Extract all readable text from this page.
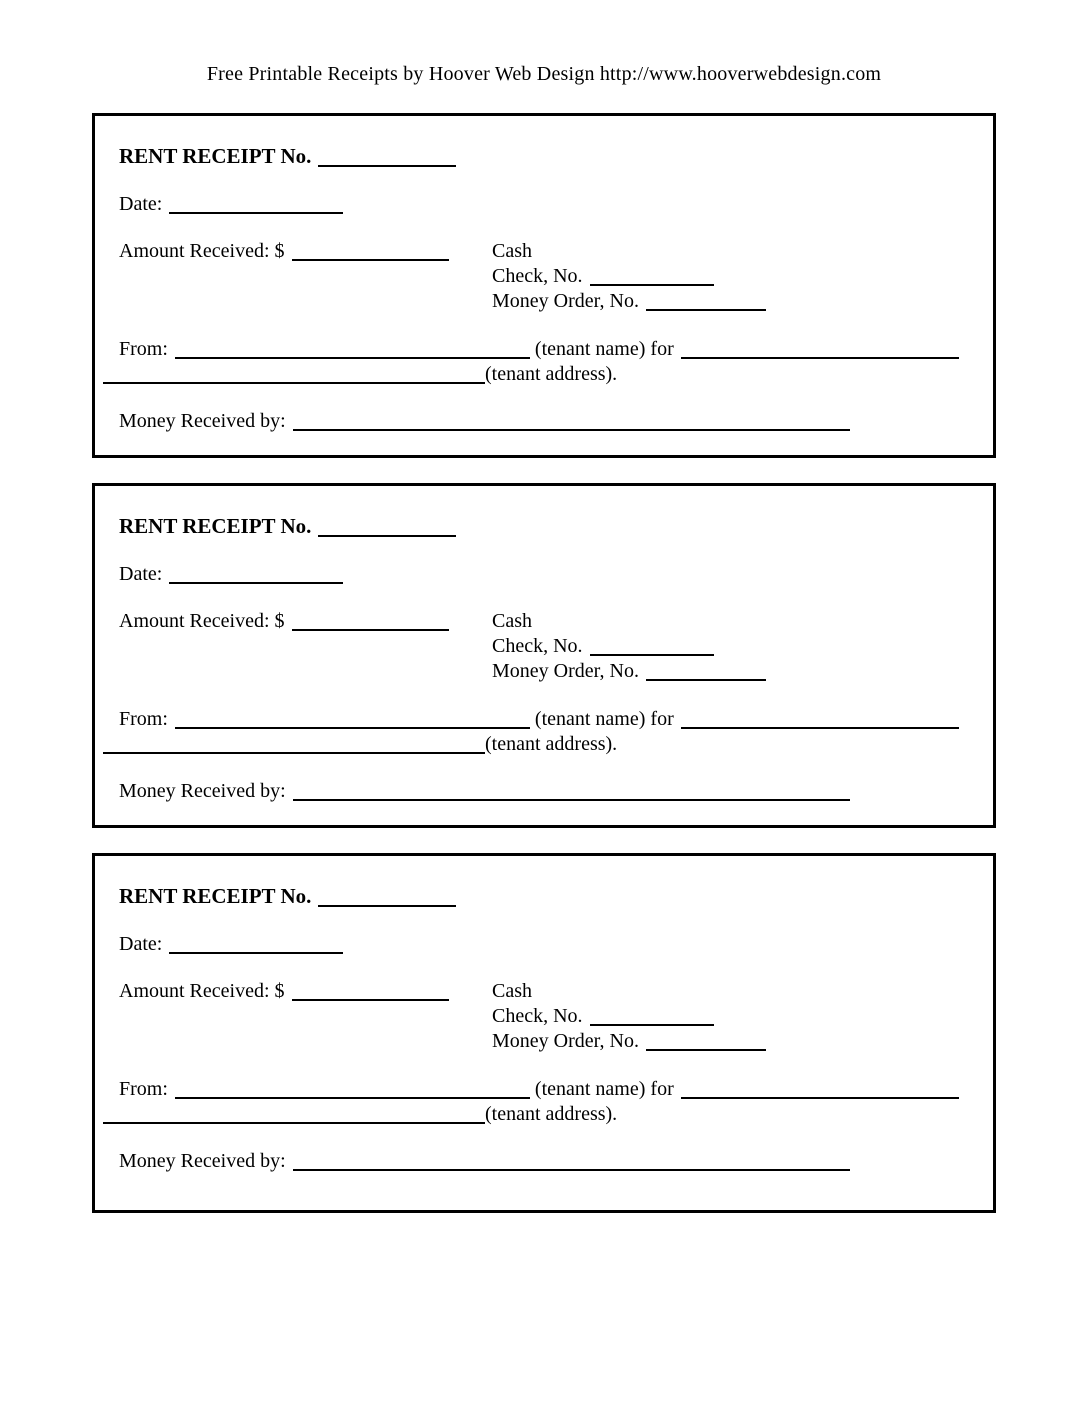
Free Printable Receipts by Hoover Web Design http://www.hooverwebdesign.com
RENT RECEIPT No.
Date:
Amount Received: $	Cash
Check, No.
Money Order, No.
From:	(tenant name) for
(tenant address).
Money Received by:
RENT RECEIPT No.
Date:
Amount Received: $	Cash
Check, No.
Money Order, No.
From:	(tenant name) for
(tenant address).
Money Received by:
RENT RECEIPT No.
Date:
Amount Received: $	Cash
Check, No.
Money Order, No.
From:	(tenant name) for
(tenant address).
Money Received by:
